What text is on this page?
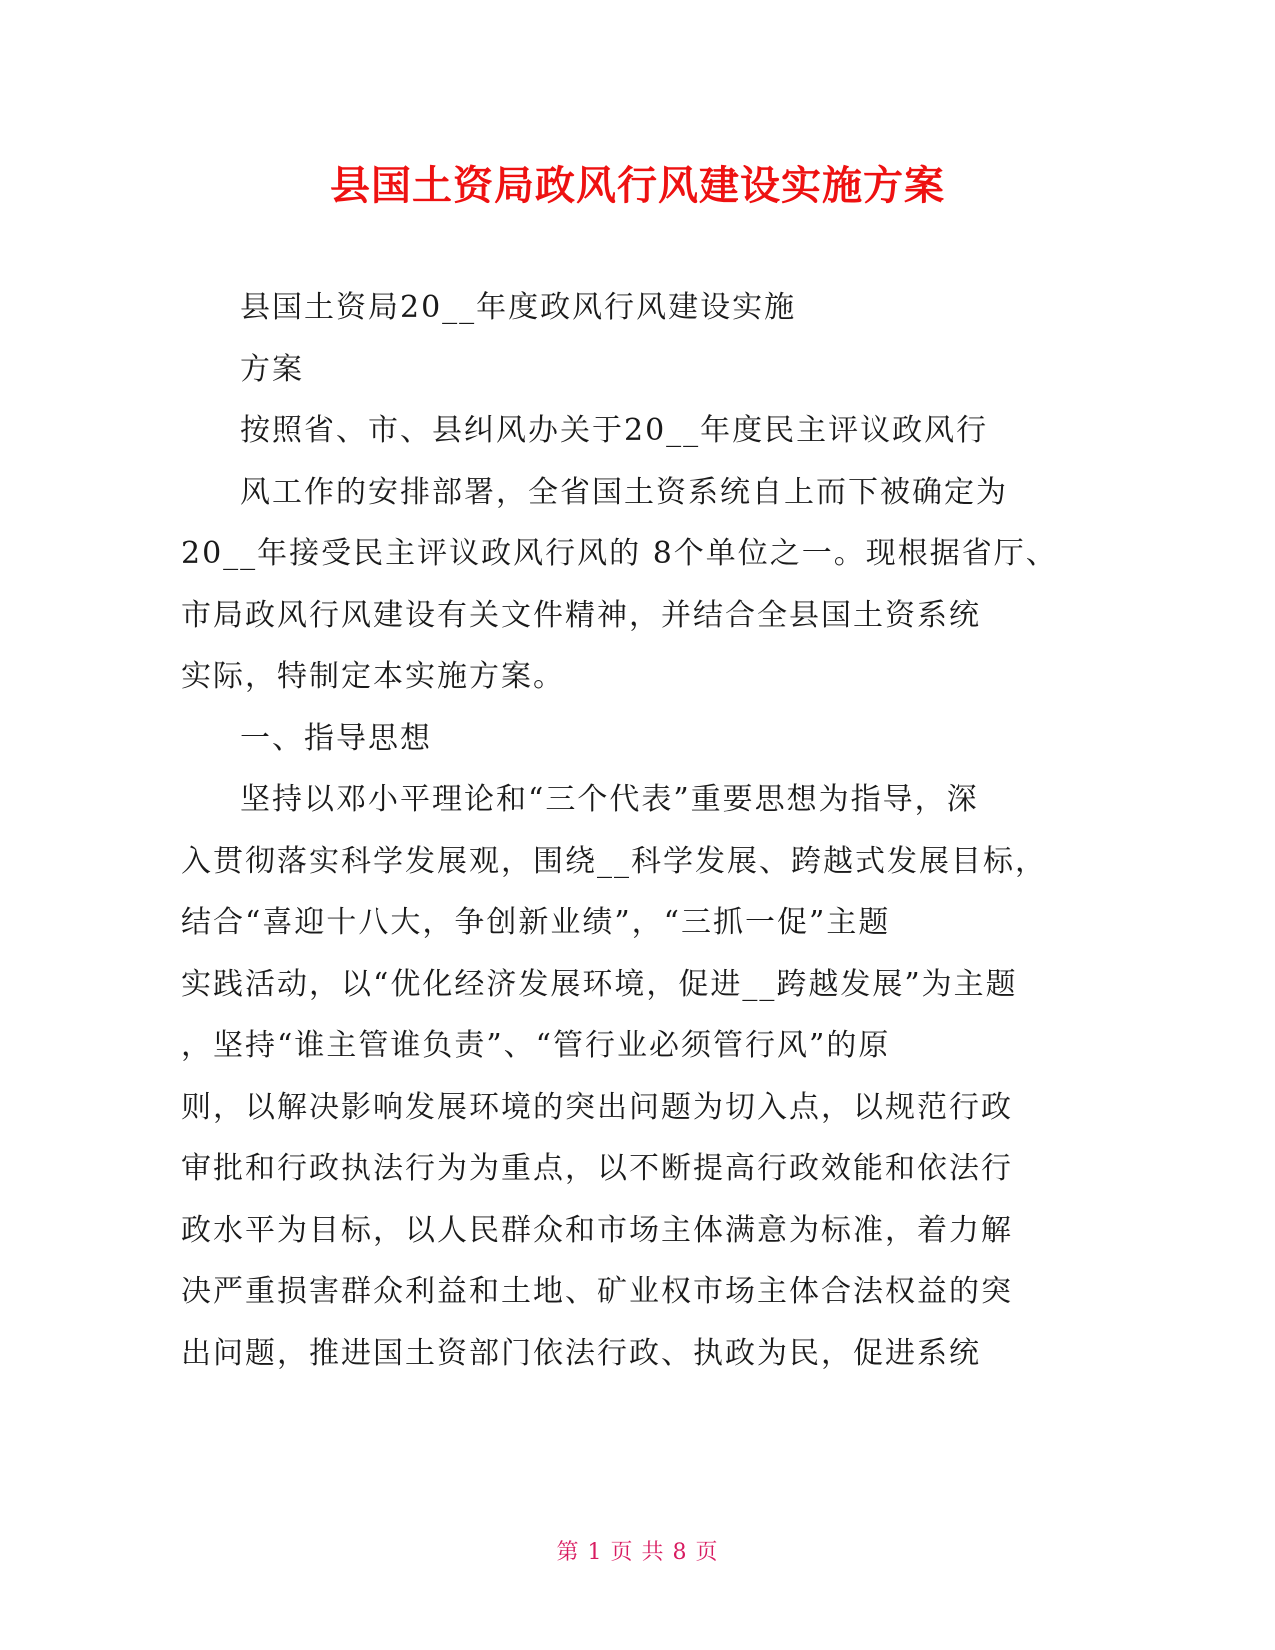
县国土资局政风行风建设实施方案
县国土资局20__年度政风行风建设实施
方案
按照省、市、县纠风办关于20__年度民主评议政风行
风工作的安排部署，全省国土资系统自上而下被确定为
20__年接受民主评议政风行风的 8个单位之一。现根据省厅、
市局政风行风建设有关文件精神，并结合全县国土资系统
实际，特制定本实施方案。
一、指导思想
坚持以邓小平理论和“三个代表”重要思想为指导，深
入贯彻落实科学发展观，围绕__科学发展、跨越式发展目标，
结合“喜迎十八大，争创新业绩”，“三抓一促”主题
实践活动，以“优化经济发展环境，促进__跨越发展”为主题
，坚持“谁主管谁负责”、“管行业必须管行风”的原
则，以解决影响发展环境的突出问题为切入点，以规范行政
审批和行政执法行为为重点，以不断提高行政效能和依法行
政水平为目标，以人民群众和市场主体满意为标准，着力解
决严重损害群众利益和土地、矿业权市场主体合法权益的突
出问题，推进国土资部门依法行政、执政为民，促进系统
第 1 页 共 8 页
